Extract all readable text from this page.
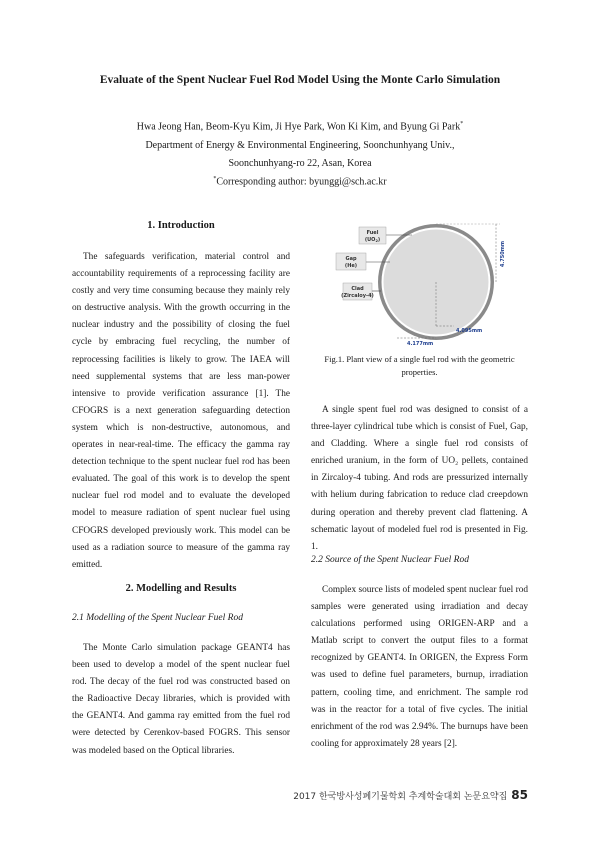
Evaluate of the Spent Nuclear Fuel Rod Model Using the Monte Carlo Simulation
Hwa Jeong Han, Beom-Kyu Kim, Ji Hye Park, Won Ki Kim, and Byung Gi Park*
Department of Energy & Environmental Engineering, Soonchunhyang Univ.,
Soonchunhyang-ro 22, Asan, Korea
*Corresponding author: byunggi@sch.ac.kr
1. Introduction

The safeguards verification, material control and accountability requirements of a reprocessing facility are costly and very time consuming because they mainly rely on destructive analysis. With the growth occurring in the nuclear industry and the possibility of closing the fuel cycle by embracing fuel recycling, the number of reprocessing facilities is likely to grow. The IAEA will need supplemental systems that are less man-power intensive to provide verification assurance [1]. The CFOGRS is a next generation safeguarding detection system which is non-destructive, autonomous, and operates in near-real-time. The efficacy the gamma ray detection technique to the spent nuclear fuel rod has been evaluated. The goal of this work is to develop the spent nuclear fuel rod model and to evaluate the developed model to measure radiation of spent nuclear fuel using CFOGRS developed previously work. This model can be used as a radiation source to measure of the gamma ray emitted.

2. Modelling and Results
2.1 Modelling of the Spent Nuclear Fuel Rod

The Monte Carlo simulation package GEANT4 has been used to develop a model of the spent nuclear fuel rod. The decay of the fuel rod was constructed based on the Radioactive Decay libraries, which is provided with the GEANT4. And gamma ray emitted from the fuel rod were detected by Cerenkov-based FOGRS. This sensor was modeled based on the Optical libraries.

Fuel
$(UO_2)$
Gap
(He)
Clad
(Zircaloy-4)
4.750mm
4.095mm
4.177mm
Fig.1. Plant view of a single fuel rod with the geometric properties.

A single spent fuel rod was designed to consist of a three-layer cylindrical tube which is consist of Fuel, Gap, and Cladding. Where a single fuel rod consists of enriched uranium, in the form of UO₂ pellets, contained in Zircaloy-4 tubing. And rods are pressurized internally with helium during fabrication to reduce clad creepdown during operation and thereby prevent clad flattening. A schematic layout of modeled fuel rod is presented in Fig. 1.

2.2 Source of the Spent Nuclear Fuel Rod

Complex source lists of modeled spent nuclear fuel rod samples were generated using irradiation and decay calculations performed using ORIGEN-ARP and a Matlab script to convert the output files to a format recognized by GEANT4. In ORIGEN, the Express Form was used to define fuel parameters, burnup, irradiation pattern, cooling time, and enrichment. The sample rod was in the reactor for a total of five cycles. The initial enrichment of the rod was 2.94%. The burnups have been cooling for approximately 28 years [2].

2017 한국방사성폐기물학회 추계학술대회 논문요약집 85
